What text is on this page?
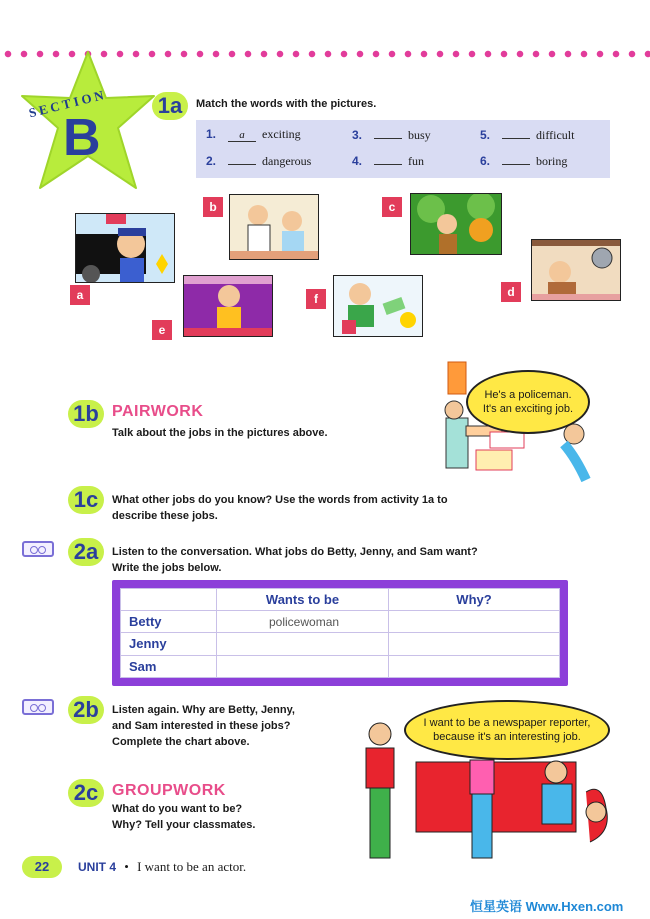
SECTION
B
1a	Match the words with the pictures.
1.	a	exciting	3.	busy	5.	difficult
2.	dangerous	4.	fun	6.	boring
a
b	c
d
e
f
1b PAIRWORK
Talk about the jobs in the pictures above.
He's a policeman.
It's an exciting job.
1c	What other jobs do you know? Use the words from activity 1a to
describe these jobs.
2a	Listen to the conversation. What jobs do Betty, Jenny, and Sam want?
Write the jobs below.
	Wants to be	Why?
Betty	policewoman	
Jenny		
Sam		
2b	Listen again. Why are Betty, Jenny,
and Sam interested in these jobs?
Complete the chart above.
I want to be a newspaper reporter,
because it's an interesting job.
2c GROUPWORK
What do you want to be?
Why? Tell your classmates.
22	UNIT 4 • I want to be an actor.
恒星英语 Www.Hxen.com
